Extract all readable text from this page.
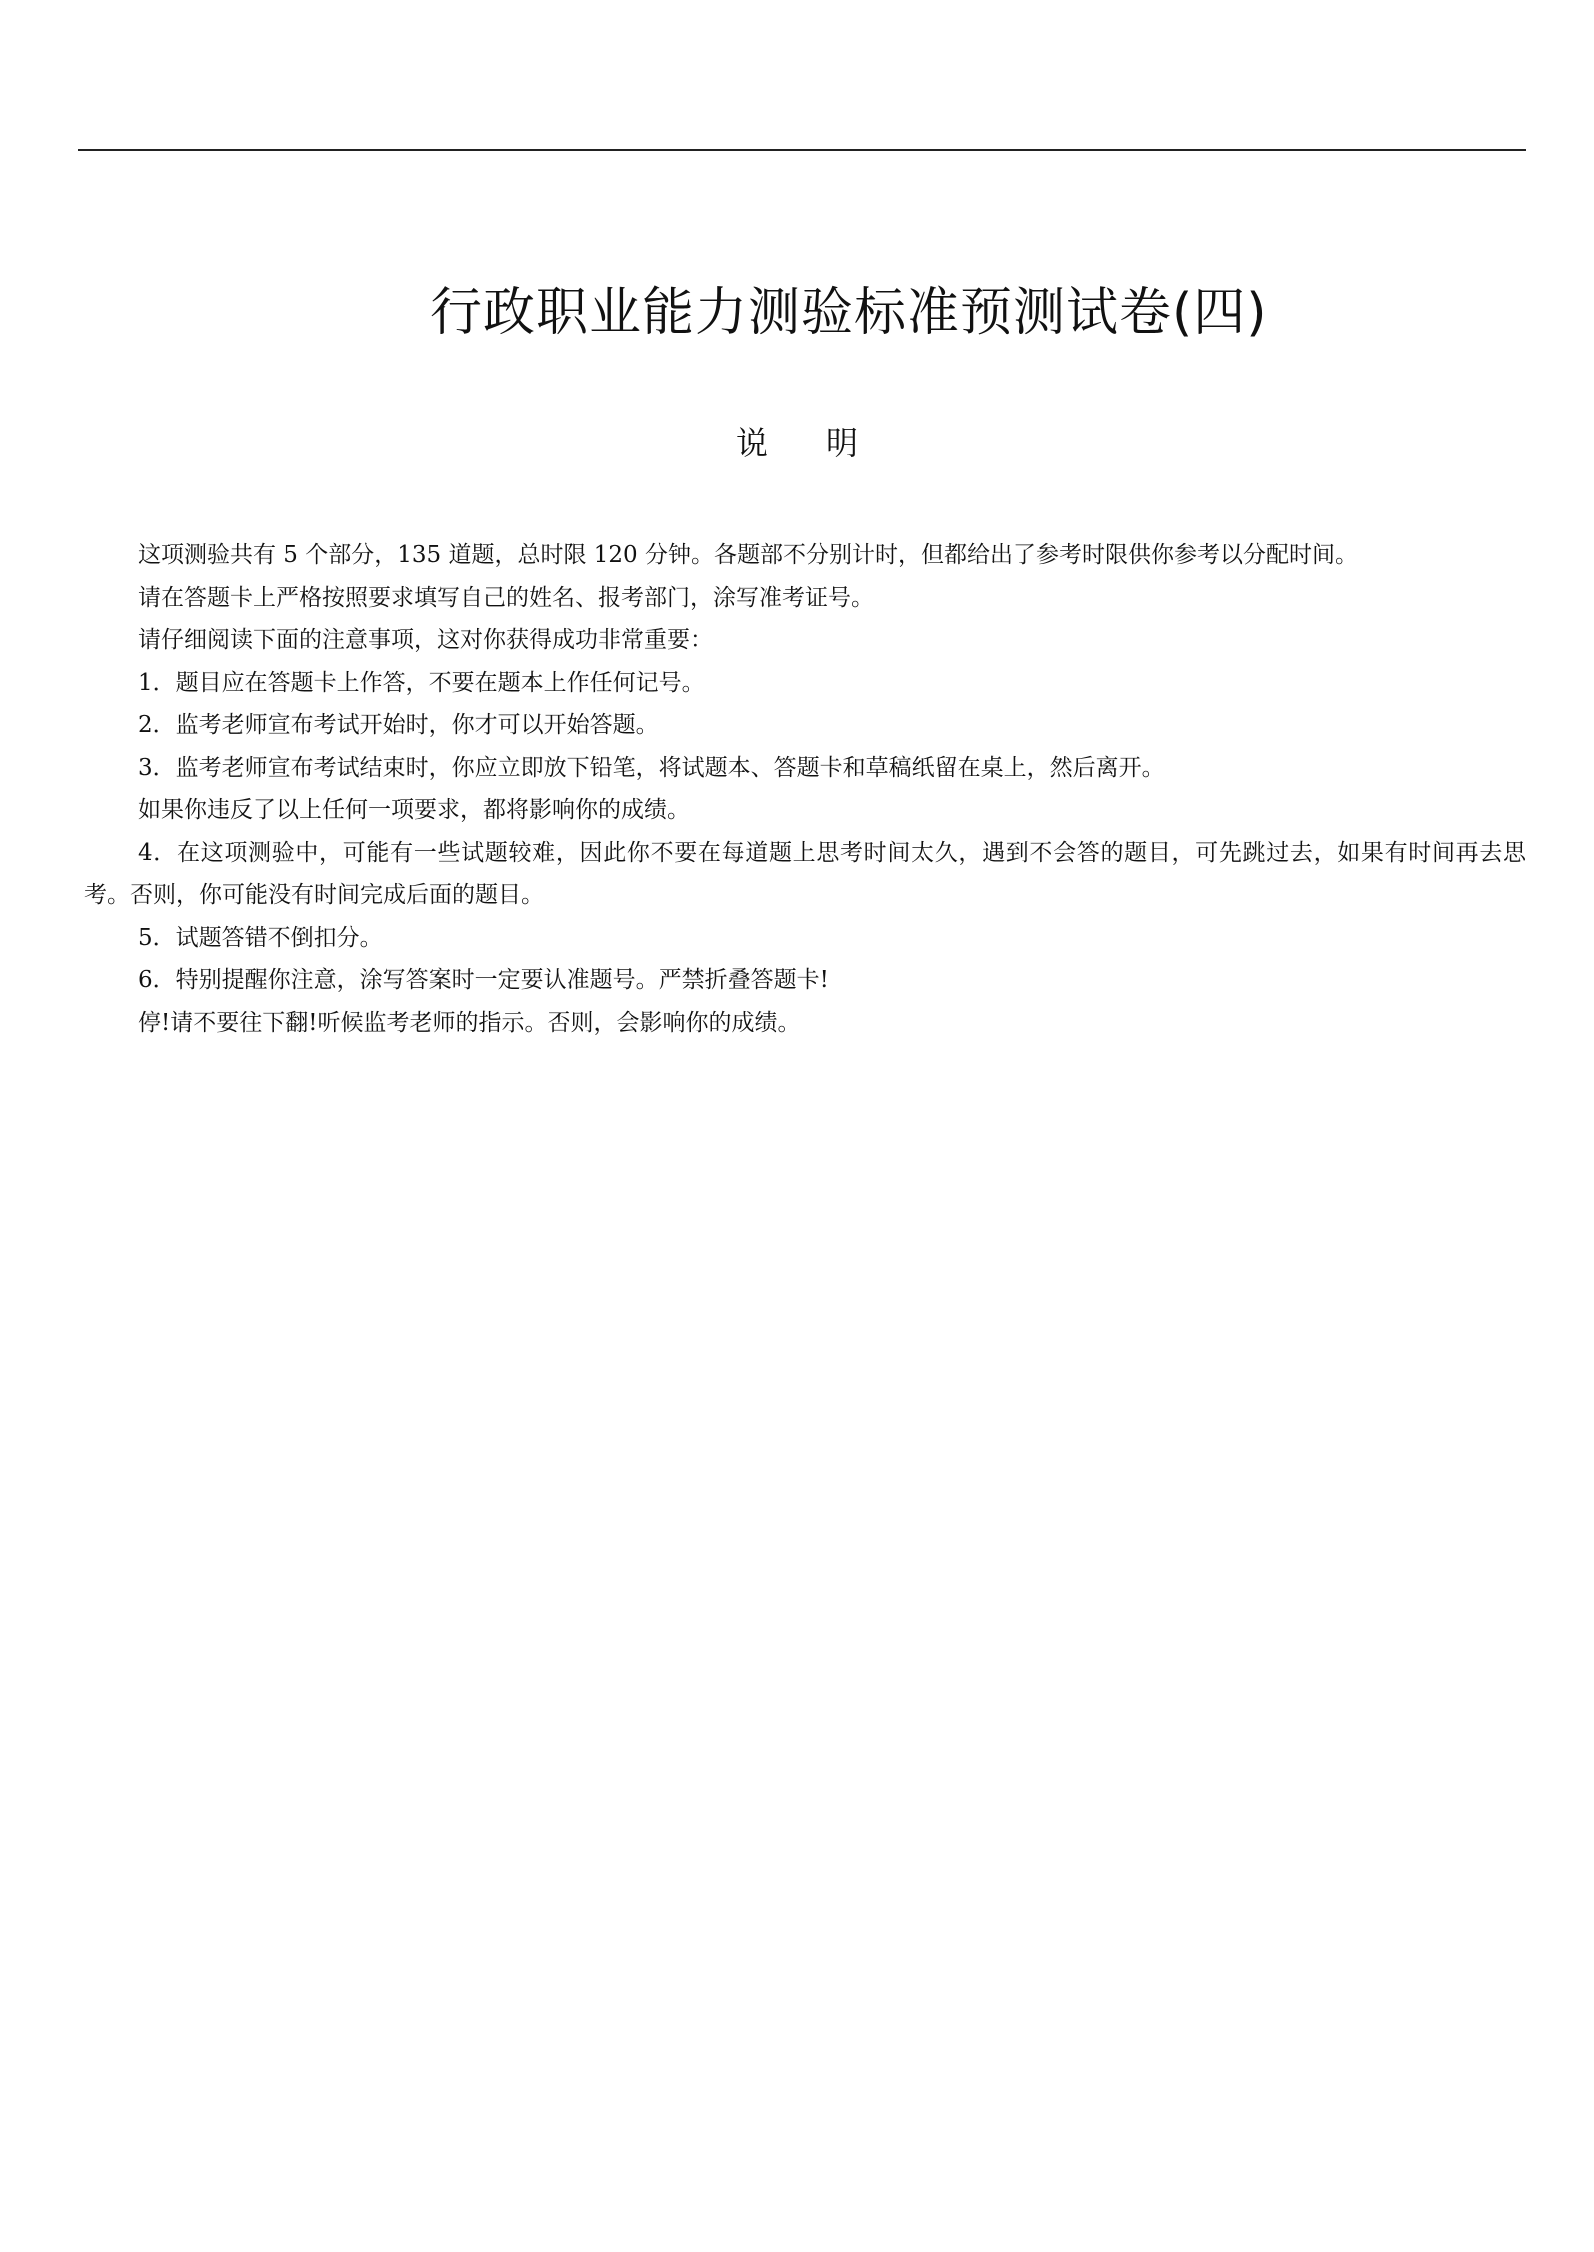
行政职业能力测验标准预测试卷(四)
说明

这项测验共有 5 个部分，135 道题，总时限 120 分钟。各题部不分别计时，但都给出了参考时限供你参考以分配时间。

请在答题卡上严格按照要求填写自己的姓名、报考部门，涂写准考证号。

请仔细阅读下面的注意事项，这对你获得成功非常重要：

1．题目应在答题卡上作答，不要在题本上作任何记号。

2．监考老师宣布考试开始时，你才可以开始答题。

3．监考老师宣布考试结束时，你应立即放下铅笔，将试题本、答题卡和草稿纸留在桌上，然后离开。

如果你违反了以上任何一项要求，都将影响你的成绩。

4．在这项测验中，可能有一些试题较难，因此你不要在每道题上思考时间太久，遇到不会答的题目，可先跳过去，如果有时间再去思考。否则，你可能没有时间完成后面的题目。

5．试题答错不倒扣分。

6．特别提醒你注意，涂写答案时一定要认准题号。严禁折叠答题卡!

停!请不要往下翻!听候监考老师的指示。否则，会影响你的成绩。
